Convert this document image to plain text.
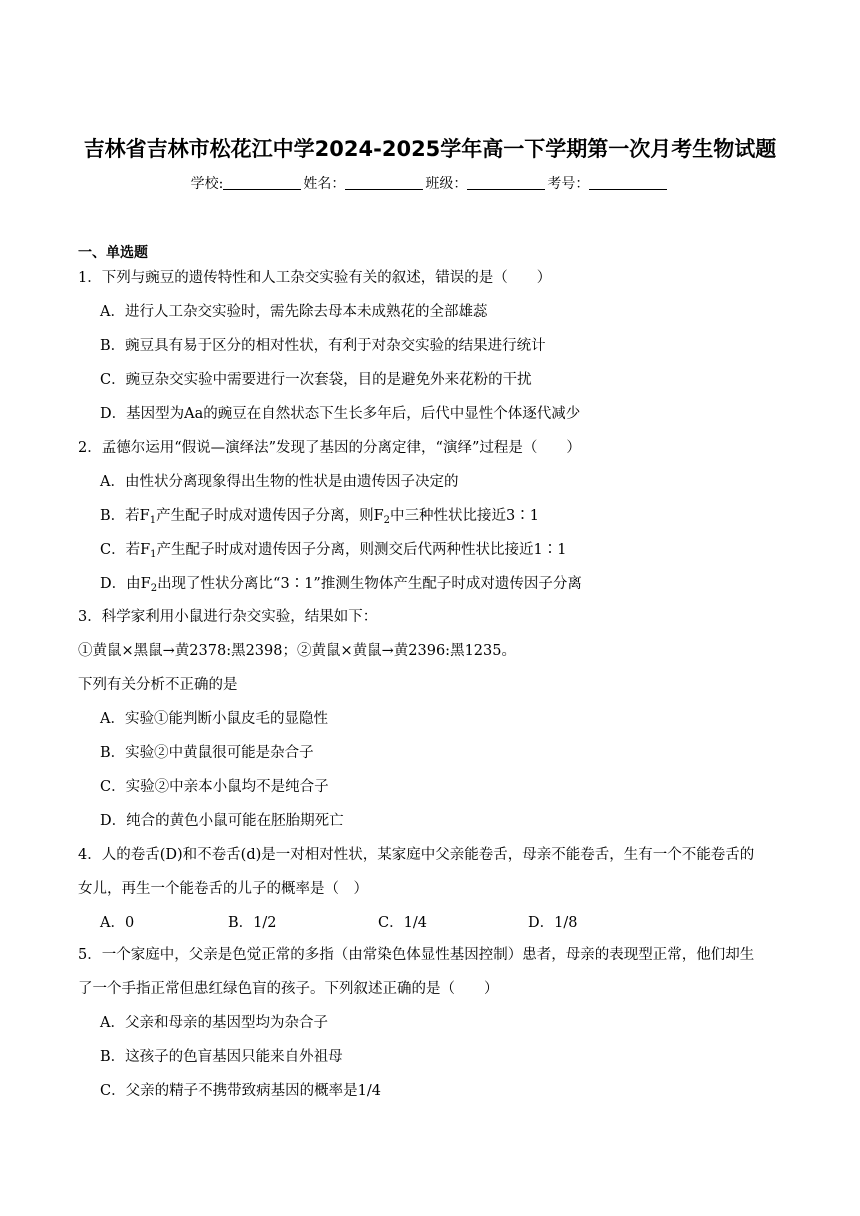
吉林省吉林市松花江中学2024-2025学年高一下学期第一次月考生物试题
学校:	姓名：	班级：	考号：
一、单选题
1．下列与豌豆的遗传特性和人工杂交实验有关的叙述，错误的是（　　）
A．进行人工杂交实验时，需先除去母本未成熟花的全部雄蕊
B．豌豆具有易于区分的相对性状，有利于对杂交实验的结果进行统计
C．豌豆杂交实验中需要进行一次套袋，目的是避免外来花粉的干扰
D．基因型为Aa的豌豆在自然状态下生长多年后，后代中显性个体逐代减少
2．孟德尔运用“假说—演绎法”发现了基因的分离定律，“演绎”过程是（　　）
A．由性状分离现象得出生物的性状是由遗传因子决定的
B．若$F_1$产生配子时成对遗传因子分离，则$F_2$中三种性状比接近3∶1
C．若$F_1$产生配子时成对遗传因子分离，则测交后代两种性状比接近1∶1
D．由$F_2$出现了性状分离比“3∶1”推测生物体产生配子时成对遗传因子分离
3．科学家利用小鼠进行杂交实验，结果如下：
①黄鼠×黑鼠→黄2378:黑2398；②黄鼠×黄鼠→黄2396:黑1235。
下列有关分析不正确的是
A．实验①能判断小鼠皮毛的显隐性
B．实验②中黄鼠很可能是杂合子
C．实验②中亲本小鼠均不是纯合子
D．纯合的黄色小鼠可能在胚胎期死亡
4．人的卷舌(D)和不卷舌(d)是一对相对性状，某家庭中父亲能卷舌，母亲不能卷舌，生有一个不能卷舌的
女儿，再生一个能卷舌的儿子的概率是（　）
A．0	B．1/2	C．1/4	D．1/8
5．一个家庭中，父亲是色觉正常的多指（由常染色体显性基因控制）患者，母亲的表现型正常，他们却生
了一个手指正常但患红绿色盲的孩子。下列叙述正确的是（　　）
A．父亲和母亲的基因型均为杂合子
B．这孩子的色盲基因只能来自外祖母
C．父亲的精子不携带致病基因的概率是1/4
